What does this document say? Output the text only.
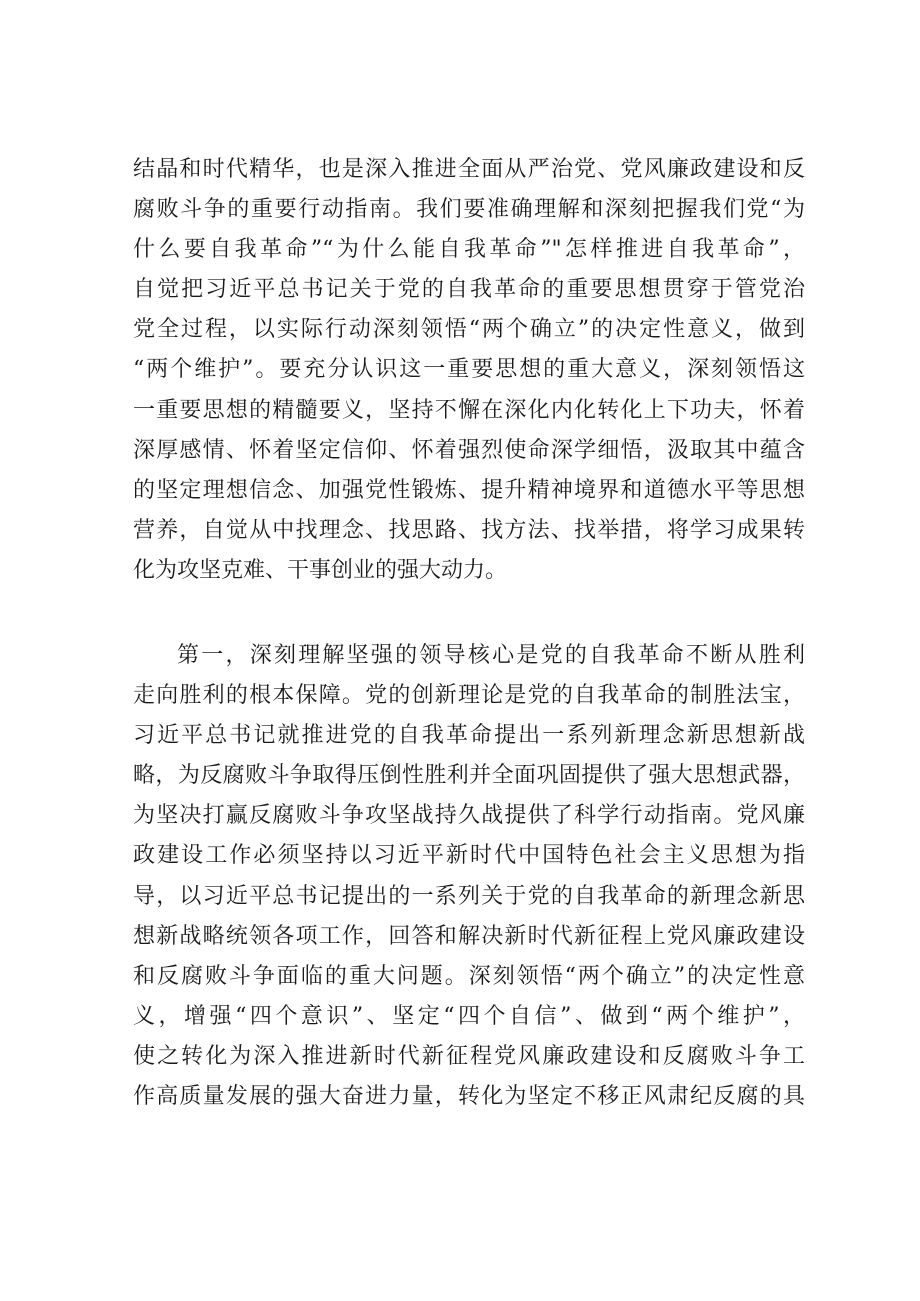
结晶和时代精华，也是深入推进全面从严治党、党风廉政建设和反
腐败斗争的重要行动指南。我们要准确理解和深刻把握我们党“为
什么要自我革命”“为什么能自我革命”"怎样推进自我革命”，
自觉把习近平总书记关于党的自我革命的重要思想贯穿于管党治
党全过程，以实际行动深刻领悟“两个确立”的决定性意义，做到
“两个维护”。要充分认识这一重要思想的重大意义，深刻领悟这
一重要思想的精髓要义，坚持不懈在深化内化转化上下功夫，怀着
深厚感情、怀着坚定信仰、怀着强烈使命深学细悟，汲取其中蕴含
的坚定理想信念、加强党性锻炼、提升精神境界和道德水平等思想
营养，自觉从中找理念、找思路、找方法、找举措，将学习成果转
化为攻坚克难、干事创业的强大动力。
第一，深刻理解坚强的领导核心是党的自我革命不断从胜利
走向胜利的根本保障。党的创新理论是党的自我革命的制胜法宝，
习近平总书记就推进党的自我革命提出一系列新理念新思想新战
略，为反腐败斗争取得压倒性胜利并全面巩固提供了强大思想武器，
为坚决打赢反腐败斗争攻坚战持久战提供了科学行动指南。党风廉
政建设工作必须坚持以习近平新时代中国特色社会主义思想为指
导，以习近平总书记提出的一系列关于党的自我革命的新理念新思
想新战略统领各项工作，回答和解决新时代新征程上党风廉政建设
和反腐败斗争面临的重大问题。深刻领悟“两个确立”的决定性意
义，增强“四个意识”、坚定“四个自信”、做到“两个维护”，
使之转化为深入推进新时代新征程党风廉政建设和反腐败斗争工
作高质量发展的强大奋进力量，转化为坚定不移正风肃纪反腐的具
